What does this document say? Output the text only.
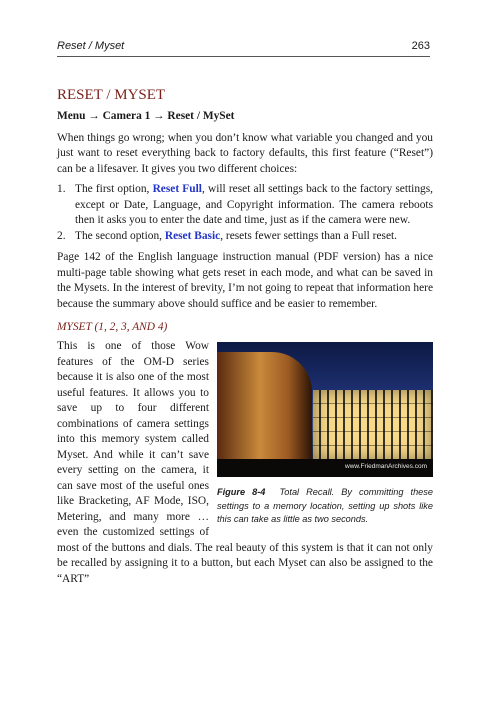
Reset / Myset	263
RESET / MYSET
Menu → Camera 1 → Reset / MySet

When things go wrong; when you don’t know what variable you changed and you just want to reset everything back to factory defaults, this first feature (“Reset”) can be a lifesaver. It gives you two different choices:

1. The first option, Reset Full, will reset all settings back to the factory settings, except or Date, Language, and Copyright information. The camera reboots then it asks you to enter the date and time, just as if the camera were new.
2. The second option, Reset Basic, resets fewer settings than a Full reset.

Page 142 of the English language instruction manual (PDF version) has a nice multi-page table showing what gets reset in each mode, and what can be saved in the Mysets. In the interest of brevity, I’m not going to repeat that information here because the summary above should suffice and be easier to remember.

MYSET (1, 2, 3, AND 4)
www.FriedmanArchives.com
Figure 8-4 Total Recall. By committing these settings to a memory location, setting up shots like this can take as little as two seconds.

This is one of those Wow features of the OM-D series because it is also one of the most useful features. It allows you to save up to four different combinations of camera settings into this memory system called Myset. And while it can’t save every setting on the camera, it can save most of the useful ones like Bracketing, AF Mode, ISO, Metering, and many more … even the customized settings of most of the buttons and dials. The real beauty of this system is that it can not only be recalled by assigning it to a button, but each Myset can also be assigned to the “ART”
